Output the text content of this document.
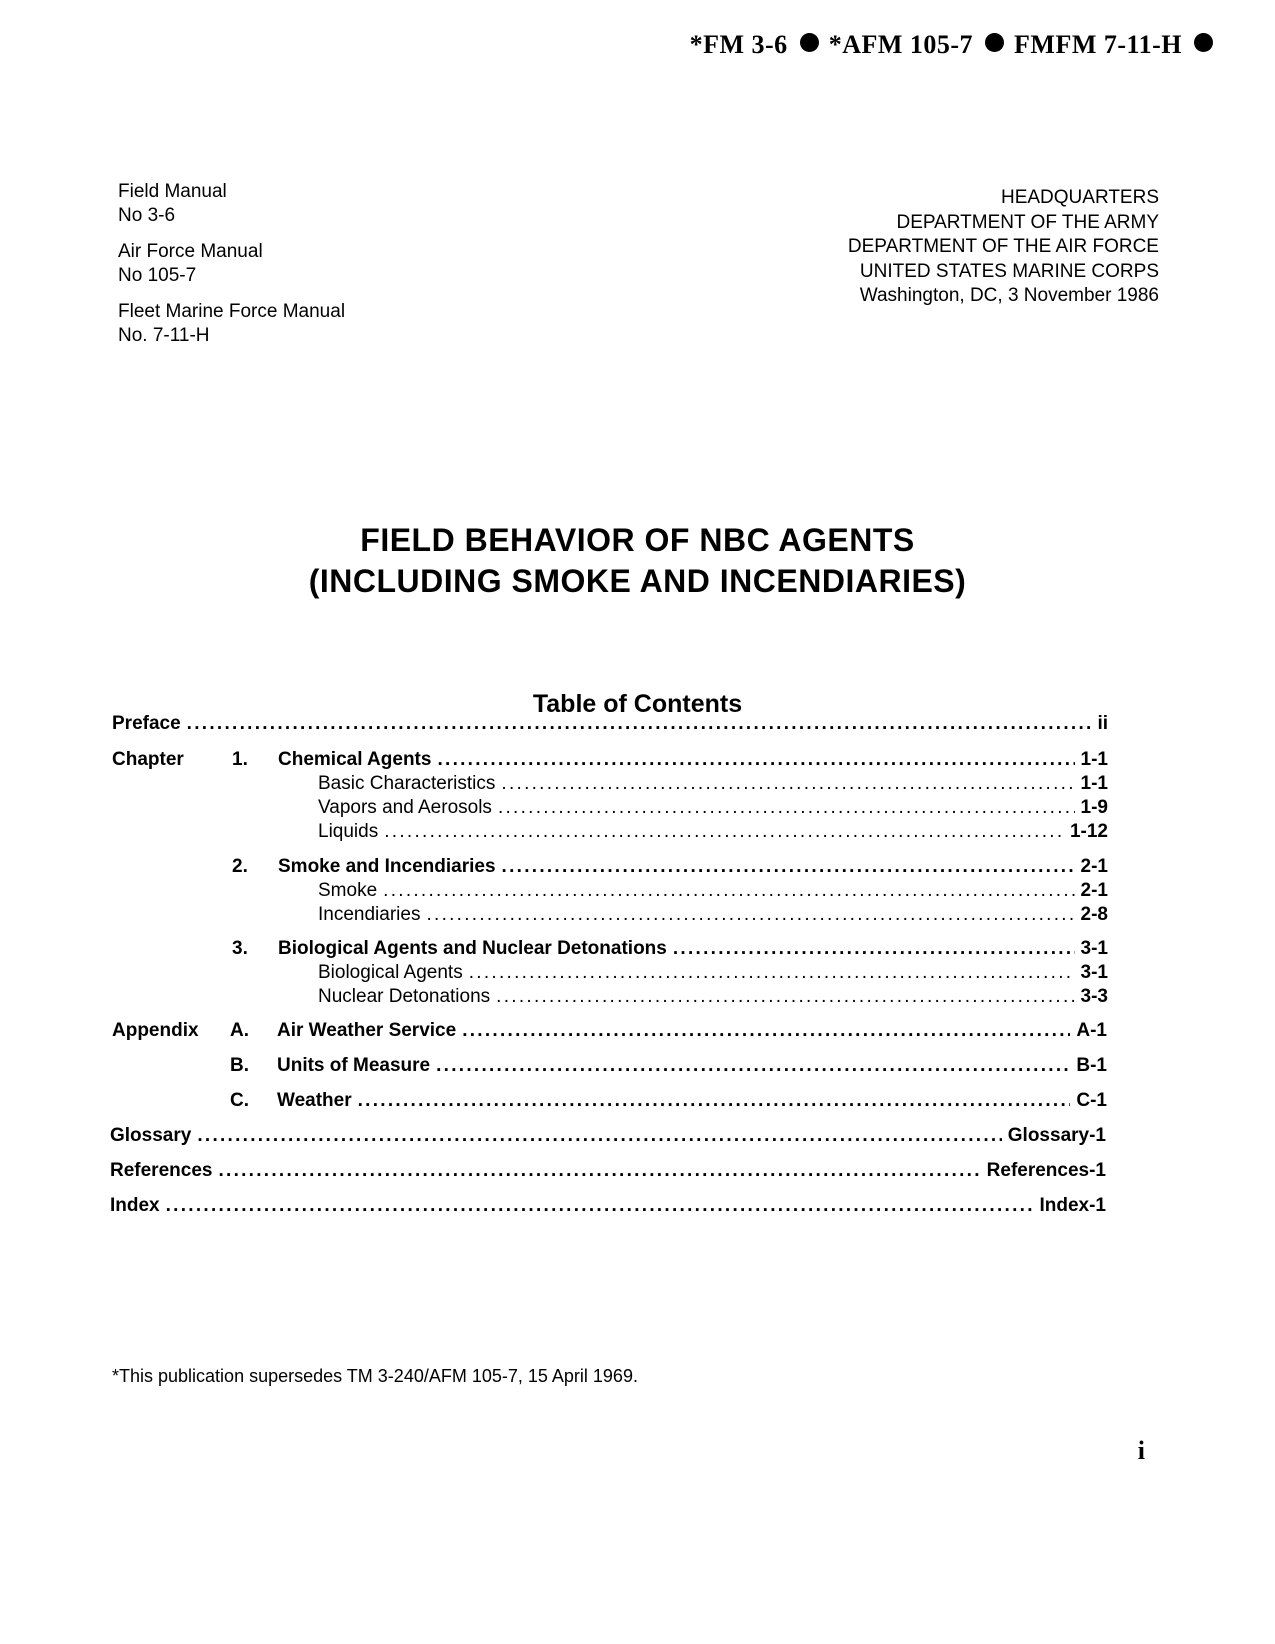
*FM 3-6 *AFM 105-7 FMFM 7-11-H
Field Manual
No 3-6
Air Force Manual
No 105-7
Fleet Marine Force Manual
No. 7-11-H
HEADQUARTERS
DEPARTMENT OF THE ARMY
DEPARTMENT OF THE AIR FORCE
UNITED STATES MARINE CORPS
Washington, DC, 3 November 1986
FIELD BEHAVIOR OF NBC AGENTS
(INCLUDING SMOKE AND INCENDIARIES)
Table of Contents
Preface . . .	ii
Chapter	1. Chemical Agents . . .	1-1
Basic Characteristics . . .	1-1
Vapors and Aerosols . . .	1-9
Liquids . . .	1-12
2. Smoke and Incendiaries . . .	2-1
Smoke . . .	2-1
Incendiaries . . .	2-8
3. Biological Agents and Nuclear Detonations . . .	3-1
Biological Agents . . .	3-1
Nuclear Detonations . . .	3-3
Appendix A. Air Weather Service . . .	A-1
B. Units of Measure . . .	B-1
C. Weather . . .	C-1
Glossary . . .	Glossary-1
References . . .	References-1
Index . . .	Index-1
*This publication supersedes TM 3-240/AFM 105-7, 15 April 1969.
i
